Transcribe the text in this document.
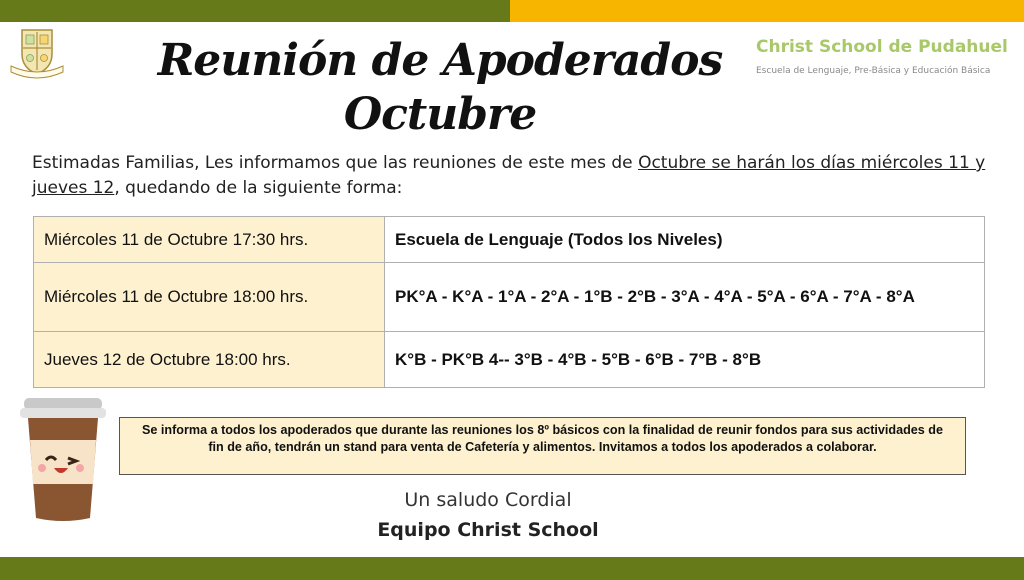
Christ School de Pudahuel
Escuela de Lenguaje, Pre-Básica y Educación Básica
Reunión de Apoderados
Octubre
Estimadas Familias, Les informamos que las reuniones de este mes de Octubre se harán los días miércoles 11 y jueves 12, quedando de la siguiente forma:
Miércoles 11 de Octubre 17:30 hrs.	Escuela de Lenguaje (Todos los Niveles)
Miércoles 11 de Octubre 18:00 hrs.	PK°A - K°A - 1°A - 2°A - 1°B - 2°B - 3°A - 4°A - 5°A - 6°A - 7°A - 8°A
Jueves 12 de Octubre 18:00 hrs.	K°B - PK°B 4-- 3°B - 4°B - 5°B - 6°B - 7°B - 8°B
Se informa a todos los apoderados que durante las reuniones los 8º básicos con la finalidad de reunir fondos para sus actividades de fin de año, tendrán un stand para venta de Cafetería y alimentos. Invitamos a todos los apoderados a colaborar.
Un saludo Cordial
Equipo Christ School
